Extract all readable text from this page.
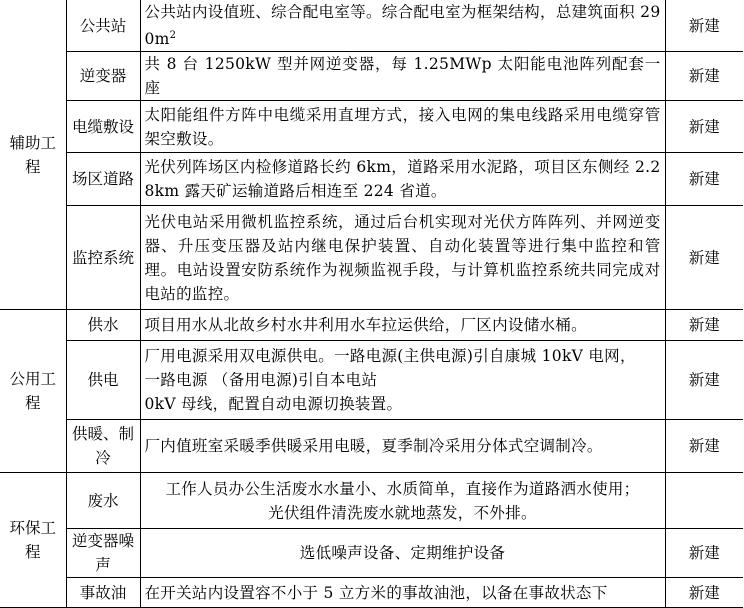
辅助工程	公共站	公共站内设值班、综合配电室等。综合配电室为框架结构，总建筑面积 $290m^2$	新建
	逆变器	共 8 台 1250kW 型并网逆变器，每 1.25MWp 太阳能电池阵列配套一座	新建
	电缆敷设	太阳能组件方阵中电缆采用直埋方式，接入电网的集电线路采用电缆穿管架空敷设。	新建
	场区道路	光伏列阵场区内检修道路长约 6km，道路采用水泥路，项目区东侧经 2.28km 露天矿运输道路后相连至 224 省道。	新建
	监控系统	光伏电站采用微机监控系统，通过后台机实现对光伏方阵阵列、并网逆变器、升压变压器及站内继电保护装置、自动化装置等进行集中监控和管理。电站设置安防系统作为视频监视手段，与计算机监控系统共同完成对电站的监控。	新建
公用工程	供水	项目用水从北故乡村水井利用水车拉运供给，厂区内设储水桶。	新建
	供电	厂用电源采用双电源供电。一路电源(主供电源)引自康城 10kV 电网，
一路电源 （备用电源)引自本电站
0kV 母线，配置自动电源切换装置。	新建
	供暖、制冷	厂内值班室采暖季供暖采用电暖，夏季制冷采用分体式空调制冷。	新建
环保工程	废水	工作人员办公生活废水水量小、水质简单，直接作为道路洒水使用；
光伏组件清洗废水就地蒸发，不外排。	

	逆变器噪声	选低噪声设备、定期维护设备	新建
	事故油	在开关站内设置容不小于 5 立方米的事故油池，以备在事故状态下	新建
